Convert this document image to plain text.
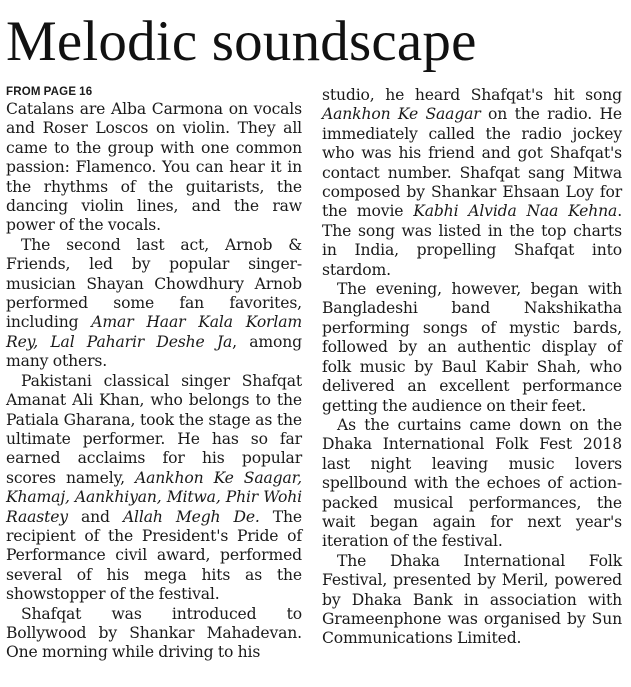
Melodic soundscape
FROM PAGE 16

Catalans are Alba Carmona on vocals and Roser Loscos on violin. They all came to the group with one common passion: Flamenco. You can hear it in the rhythms of the guitarists, the dancing violin lines, and the raw power of the vocals.

The second last act, Arnob & Friends, led by popular singer-musician Shayan Chowdhury Arnob performed some fan favorites, including Amar Haar Kala Korlam Rey, Lal Paharir Deshe Ja, among many others.

Pakistani classical singer Shafqat Amanat Ali Khan, who belongs to the Patiala Gharana, took the stage as the ultimate performer. He has so far earned acclaims for his popular scores namely, Aankhon Ke Saagar, Khamaj, Aankhiyan, Mitwa, Phir Wohi Raastey and Allah Megh De. The recipient of the President's Pride of Performance civil award, performed several of his mega hits as the showstopper of the festival.

Shafqat was introduced to Bollywood by Shankar Mahadevan. One morning while driving to his

studio, he heard Shafqat's hit song Aankhon Ke Saagar on the radio. He immediately called the radio jockey who was his friend and got Shafqat's contact number. Shafqat sang Mitwa composed by Shankar Ehsaan Loy for the movie Kabhi Alvida Naa Kehna. The song was listed in the top charts in India, propelling Shafqat into stardom.

The evening, however, began with Bangladeshi band Nakshikatha performing songs of mystic bards, followed by an authentic display of folk music by Baul Kabir Shah, who delivered an excellent performance getting the audience on their feet.

As the curtains came down on the Dhaka International Folk Fest 2018 last night leaving music lovers spellbound with the echoes of action-packed musical performances, the wait began again for next year's iteration of the festival.

The Dhaka International Folk Festival, presented by Meril, powered by Dhaka Bank in association with Grameenphone was organised by Sun Communications Limited.
